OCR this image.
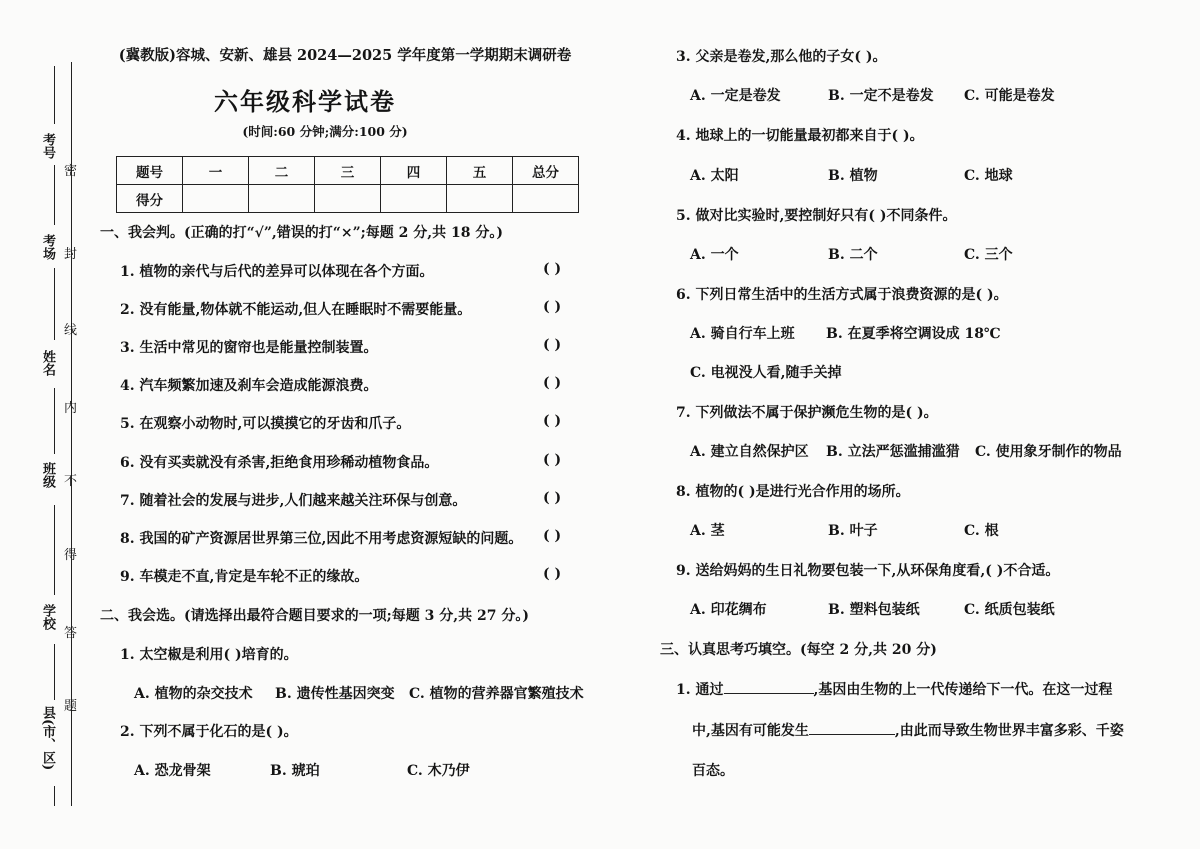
考号
考场
姓名
班级
学校
县(市、区)
密
封
线
内
不
得
答
题
(冀教版)容城、安新、雄县 2024—2025 学年度第一学期期末调研卷
六年级科学试卷
(时间:60 分钟;满分:100 分)
题号	一	二	三	四	五	总分
得分						
一、我会判。(正确的打“√”,错误的打“×”;每题 2 分,共 18 分。)
1. 植物的亲代与后代的差异可以体现在各个方面。	( )
2. 没有能量,物体就不能运动,但人在睡眠时不需要能量。	( )
3. 生活中常见的窗帘也是能量控制装置。	( )
4. 汽车频繁加速及刹车会造成能源浪费。	( )
5. 在观察小动物时,可以摸摸它的牙齿和爪子。	( )
6. 没有买卖就没有杀害,拒绝食用珍稀动植物食品。	( )
7. 随着社会的发展与进步,人们越来越关注环保与创意。	( )
8. 我国的矿产资源居世界第三位,因此不用考虑资源短缺的问题。 ( )
9. 车模走不直,肯定是车轮不正的缘故。	( )
二、我会选。(请选择出最符合题目要求的一项;每题 3 分,共 27 分。)
1. 太空椒是利用( )培育的。
A. 植物的杂交技术 B. 遗传性基因突变 C. 植物的营养器官繁殖技术
2. 下列不属于化石的是( )。
A. 恐龙骨架	B. 琥珀	C. 木乃伊
3. 父亲是卷发,那么他的子女( )。
A. 一定是卷发	B. 一定不是卷发 C. 可能是卷发
4. 地球上的一切能量最初都来自于( )。
A. 太阳	B. 植物	C. 地球
5. 做对比实验时,要控制好只有( )不同条件。
A. 一个	B. 二个	C. 三个
6. 下列日常生活中的生活方式属于浪费资源的是( )。
A. 骑自行车上班 B. 在夏季将空调设成 18℃
C. 电视没人看,随手关掉
7. 下列做法不属于保护濒危生物的是( )。
A. 建立自然保护区 B. 立法严惩滥捕滥猎 C. 使用象牙制作的物品
8. 植物的( )是进行光合作用的场所。
A. 茎	B. 叶子	C. 根
9. 送给妈妈的生日礼物要包装一下,从环保角度看,( )不合适。
A. 印花绸布	B. 塑料包装纸	C. 纸质包装纸
三、认真思考巧填空。(每空 2 分,共 20 分)
1. 通过	,基因由生物的上一代传递给下一代。在这一过程
中,基因有可能发生	,由此而导致生物世界丰富多彩、千姿
百态。
